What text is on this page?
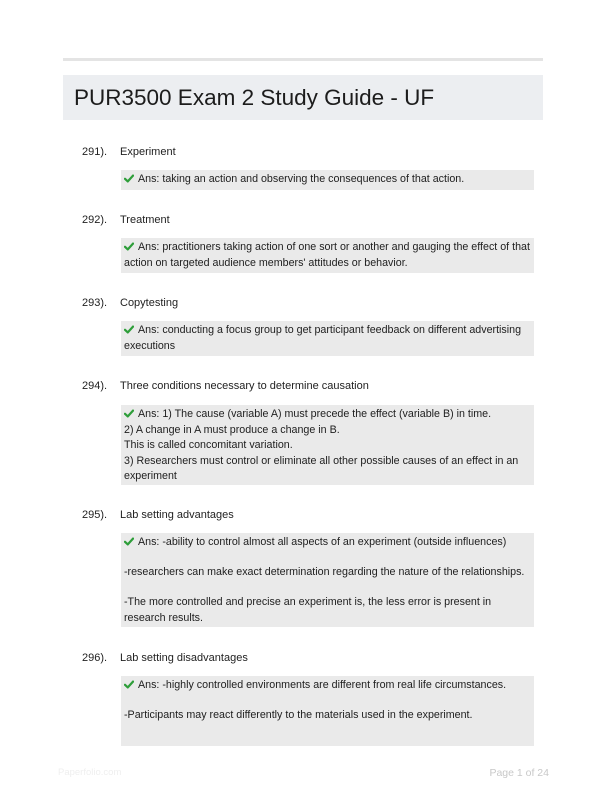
PUR3500 Exam 2 Study Guide - UF
291). Experiment

Ans: taking an action and observing the consequences of that action.

292). Treatment

Ans: practitioners taking action of one sort or another and gauging the effect of that action on targeted audience members' attitudes or behavior.

293). Copytesting

Ans: conducting a focus group to get participant feedback on different advertising executions

294). Three conditions necessary to determine causation

Ans: 1) The cause (variable A) must precede the effect (variable B) in time.
2) A change in A must produce a change in B.
This is called concomitant variation.
3) Researchers must control or eliminate all other possible causes of an effect in an experiment

295). Lab setting advantages

Ans: -ability to control almost all aspects of an experiment (outside influences)

-researchers can make exact determination regarding the nature of the relationships.

-The more controlled and precise an experiment is, the less error is present in research results.

296). Lab setting disadvantages

Ans: -highly controlled environments are different from real life circumstances.

-Participants may react differently to the materials used in the experiment.

Paperfolio.com	Page 1 of 24
